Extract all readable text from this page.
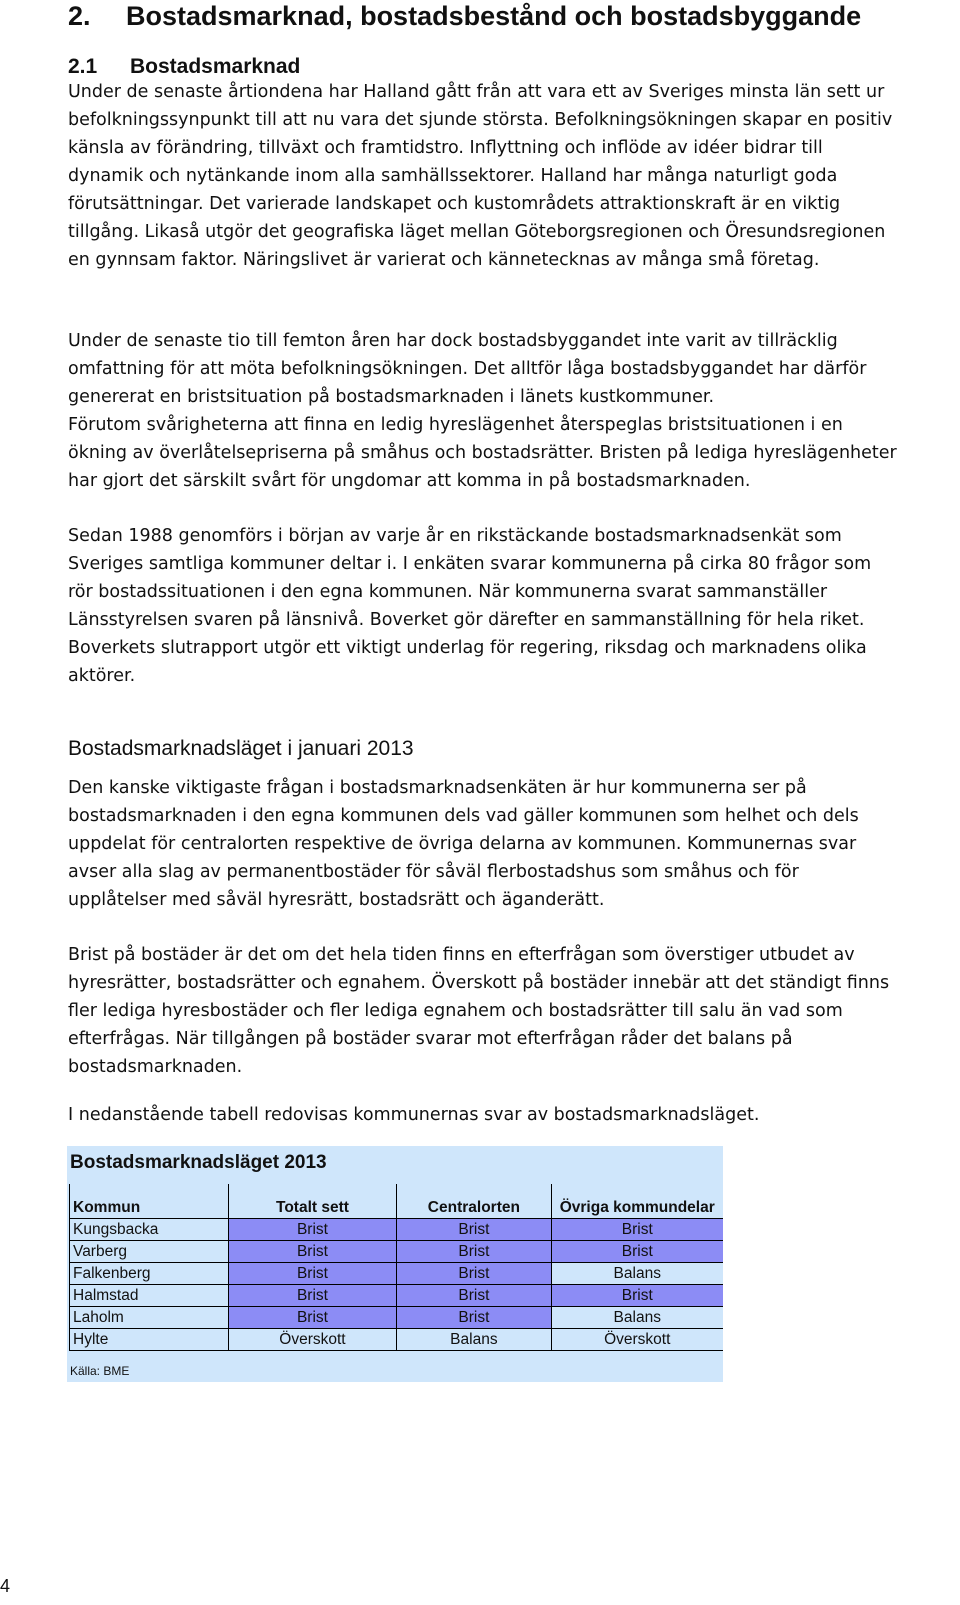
2. Bostadsmarknad, bostadsbestånd och bostadsbyggande
2.1 Bostadsmarknad
Under de senaste årtiondena har Halland gått från att vara ett av Sveriges minsta län sett ur
befolkningssynpunkt till att nu vara det sjunde största. Befolkningsökningen skapar en positiv
känsla av förändring, tillväxt och framtidstro. Inflyttning och inflöde av idéer bidrar till
dynamik och nytänkande inom alla samhällssektorer. Halland har många naturligt goda
förutsättningar. Det varierade landskapet och kustområdets attraktionskraft är en viktig
tillgång. Likaså utgör det geografiska läget mellan Göteborgsregionen och Öresundsregionen
en gynnsam faktor. Näringslivet är varierat och kännetecknas av många små företag.
Under de senaste tio till femton åren har dock bostadsbyggandet inte varit av tillräcklig
omfattning för att möta befolkningsökningen. Det alltför låga bostadsbyggandet har därför
genererat en bristsituation på bostadsmarknaden i länets kustkommuner.
Förutom svårigheterna att finna en ledig hyreslägenhet återspeglas bristsituationen i en
ökning av överlåtelsepriserna på småhus och bostadsrätter. Bristen på lediga hyreslägenheter
har gjort det särskilt svårt för ungdomar att komma in på bostadsmarknaden.
Sedan 1988 genomförs i början av varje år en rikstäckande bostadsmarknadsenkät som
Sveriges samtliga kommuner deltar i. I enkäten svarar kommunerna på cirka 80 frågor som
rör bostadssituationen i den egna kommunen. När kommunerna svarat sammanställer
Länsstyrelsen svaren på länsnivå. Boverket gör därefter en sammanställning för hela riket.
Boverkets slutrapport utgör ett viktigt underlag för regering, riksdag och marknadens olika
aktörer.
Bostadsmarknadsläget i januari 2013
Den kanske viktigaste frågan i bostadsmarknadsenkäten är hur kommunerna ser på
bostadsmarknaden i den egna kommunen dels vad gäller kommunen som helhet och dels
uppdelat för centralorten respektive de övriga delarna av kommunen. Kommunernas svar
avser alla slag av permanentbostäder för såväl flerbostadshus som småhus och för
upplåtelser med såväl hyresrätt, bostadsrätt och äganderätt.
Brist på bostäder är det om det hela tiden finns en efterfrågan som överstiger utbudet av
hyresrätter, bostadsrätter och egnahem. Överskott på bostäder innebär att det ständigt finns
fler lediga hyresbostäder och fler lediga egnahem och bostadsrätter till salu än vad som
efterfrågas. När tillgången på bostäder svarar mot efterfrågan råder det balans på
bostadsmarknaden.
I nedanstående tabell redovisas kommunernas svar av bostadsmarknadsläget.
Bostadsmarknadsläget 2013
Kommun	Totalt sett	Centralorten	Övriga kommundelar
Kungsbacka	Brist	Brist	Brist
Varberg	Brist	Brist	Brist
Falkenberg	Brist	Brist	Balans
Halmstad	Brist	Brist	Brist
Laholm	Brist	Brist	Balans
Hylte	Överskott	Balans	Överskott
Källa: BME
4
